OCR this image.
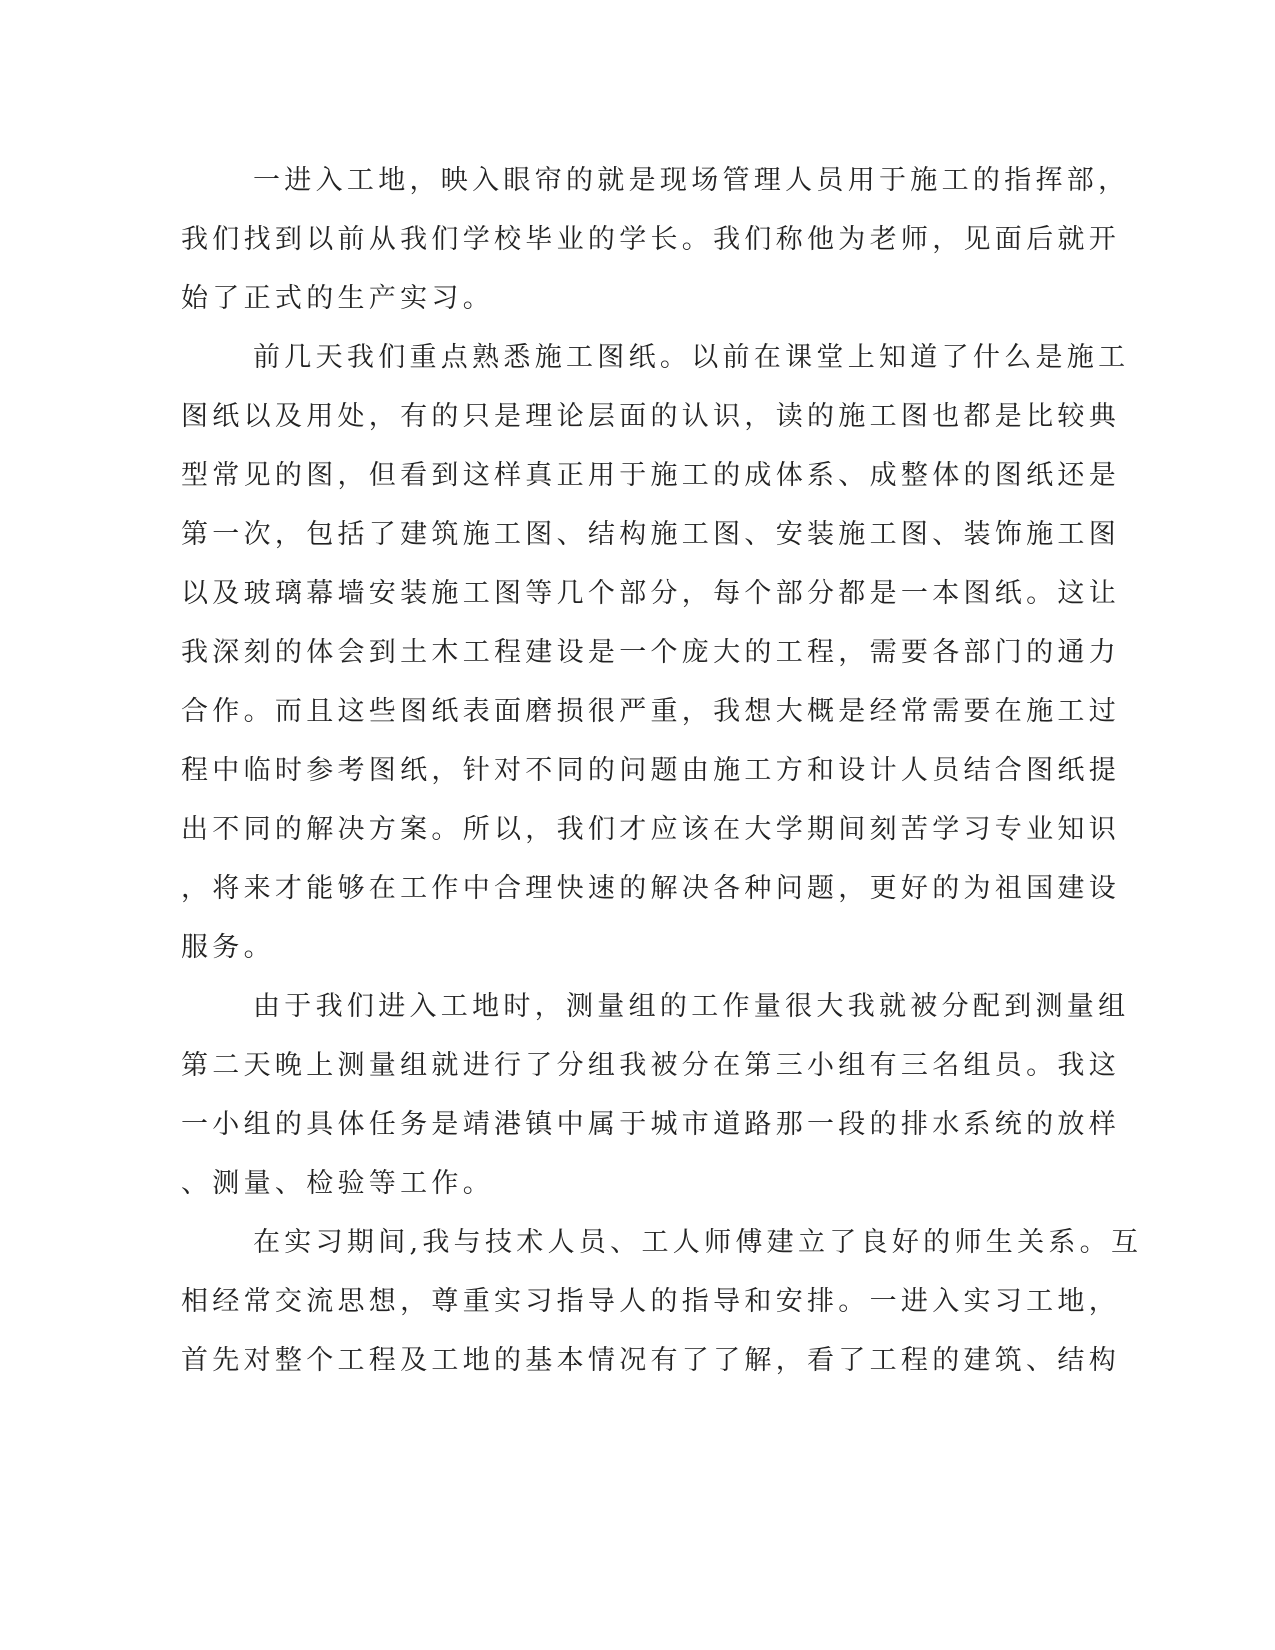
一进入工地，映入眼帘的就是现场管理人员用于施工的指挥部，
我们找到以前从我们学校毕业的学长。我们称他为老师，见面后就开
始了正式的生产实习。
前几天我们重点熟悉施工图纸。以前在课堂上知道了什么是施工
图纸以及用处，有的只是理论层面的认识，读的施工图也都是比较典
型常见的图，但看到这样真正用于施工的成体系、成整体的图纸还是
第一次，包括了建筑施工图、结构施工图、安装施工图、装饰施工图
以及玻璃幕墙安装施工图等几个部分，每个部分都是一本图纸。这让
我深刻的体会到土木工程建设是一个庞大的工程，需要各部门的通力
合作。而且这些图纸表面磨损很严重，我想大概是经常需要在施工过
程中临时参考图纸，针对不同的问题由施工方和设计人员结合图纸提
出不同的解决方案。所以，我们才应该在大学期间刻苦学习专业知识
，将来才能够在工作中合理快速的解决各种问题，更好的为祖国建设
服务。
由于我们进入工地时，测量组的工作量很大我就被分配到测量组
第二天晚上测量组就进行了分组我被分在第三小组有三名组员。我这
一小组的具体任务是靖港镇中属于城市道路那一段的排水系统的放样
、测量、检验等工作。
在实习期间,我与技术人员、工人师傅建立了良好的师生关系。互
相经常交流思想，尊重实习指导人的指导和安排。一进入实习工地，
首先对整个工程及工地的基本情况有了了解，看了工程的建筑、结构
